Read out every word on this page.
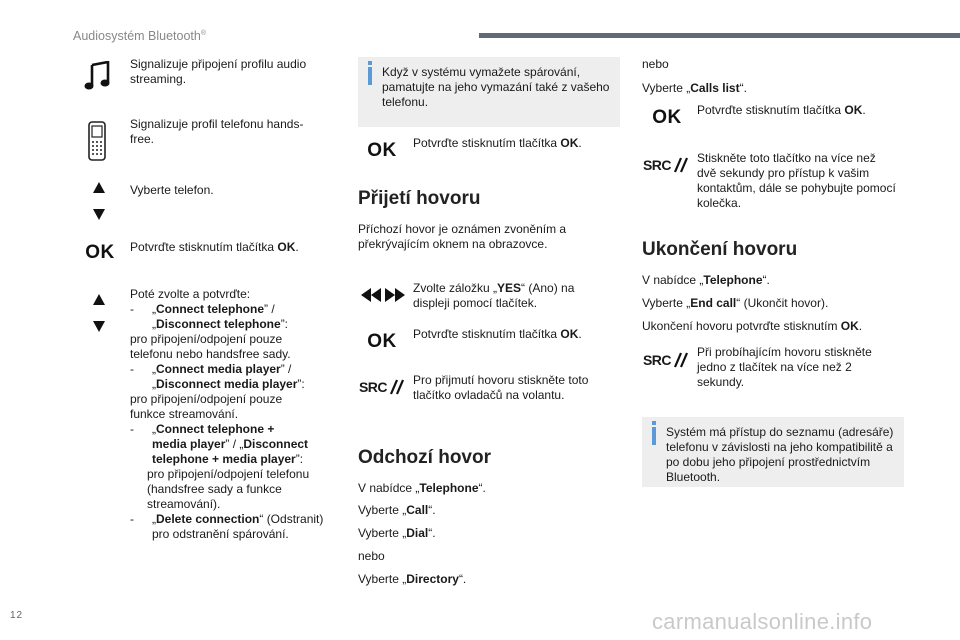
Audiosystém Bluetooth®
Signalizuje připojení profilu audio streaming.
Signalizuje profil telefonu hands-free.
Vyberte telefon.
OK Potvrďte stisknutím tlačítka OK.
Poté zvolte a potvrďte:
- „Connect telephone” /
„Disconnect telephone”:
pro připojení/odpojení pouze
telefonu nebo handsfree sady.
- „Connect media player” /
„Disconnect media player”:
pro připojení/odpojení pouze
funkce streamování.
- „Connect telephone +
media player” / „Disconnect
telephone + media player”:
pro připojení/odpojení telefonu
(handsfree sady a funkce
streamování).
- „Delete connection“ (Odstranit)
pro odstranění spárování.
Když v systému vymažete spárování, pamatujte na jeho vymazání také z vašeho telefonu.
OK Potvrďte stisknutím tlačítka OK.
Přijetí hovoru
Příchozí hovor je oznámen zvoněním a překrývajícím oknem na obrazovce.
Zvolte záložku „YES“ (Ano) na displeji pomocí tlačítek.
OK Potvrďte stisknutím tlačítka OK.
SRC Pro přijmutí hovoru stiskněte toto tlačítko ovladačů na volantu.
Odchozí hovor
V nabídce „Telephone“.
Vyberte „Call“.
Vyberte „Dial“.
nebo
Vyberte „Directory“.
nebo
Vyberte „Calls list“.
OK Potvrďte stisknutím tlačítka OK.
SRC Stiskněte toto tlačítko na více než dvě sekundy pro přístup k vašim kontaktům, dále se pohybujte pomocí kolečka.
Ukončení hovoru
V nabídce „Telephone“.
Vyberte „End call“ (Ukončit hovor).
Ukončení hovoru potvrďte stisknutím OK.
SRC Při probíhajícím hovoru stiskněte jedno z tlačítek na více než 2 sekundy.
Systém má přístup do seznamu (adresáře) telefonu v závislosti na jeho kompatibilitě a po dobu jeho připojení prostřednictvím Bluetooth.
12	carmanualsonline.info
